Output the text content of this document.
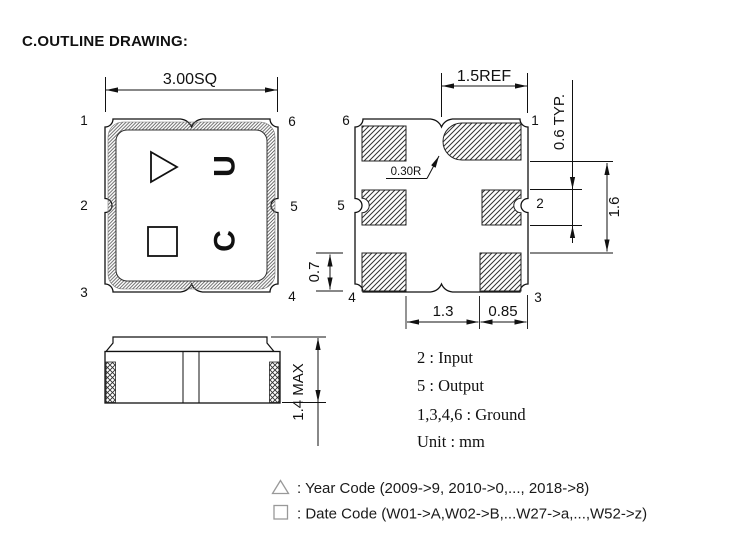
C.OUTLINE DRAWING:
U
C
1
2
3
6
5
4
3.00SQ
6
5
4
1
2
3
1.5REF
0.30R
0.6 TYP.
1.6
0.7
1.3 0.85
1.4 MAX
2 : Input
5 : Output
1,3,4,6 : Ground
Unit : mm
: Year Code (2009->9, 2010->0,..., 2018->8)
: Date Code (W01->A,W02->B,...W27->a,...,W52->z)
